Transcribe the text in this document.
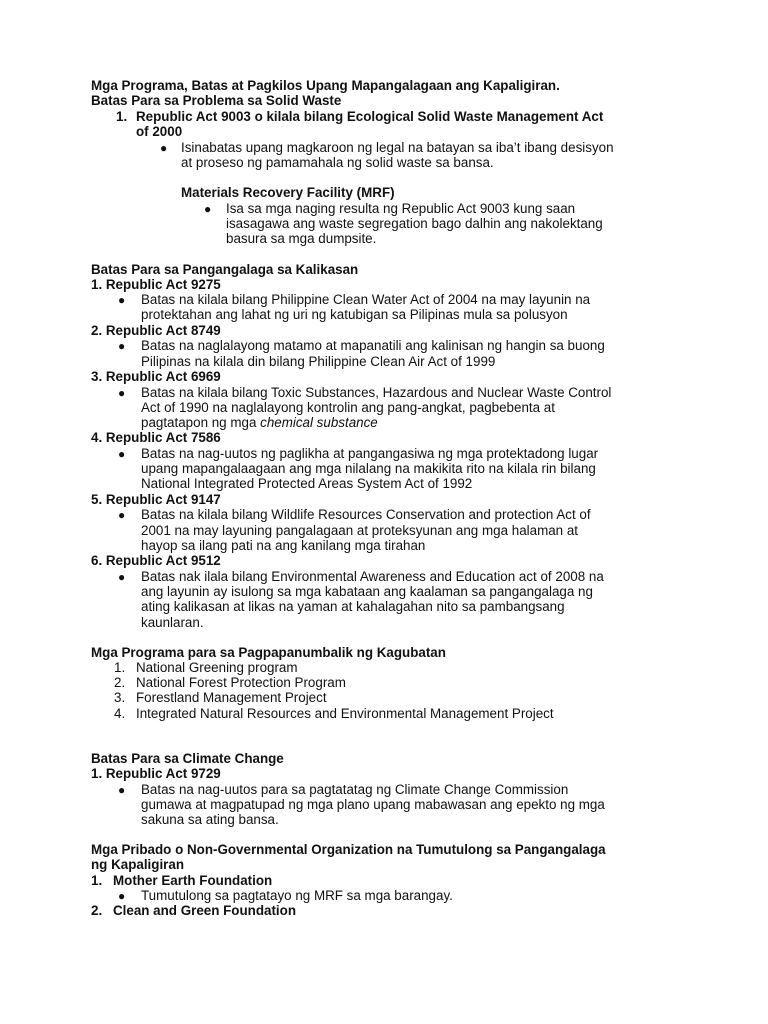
Mga Programa, Batas at Pagkilos Upang Mapangalagaan ang Kapaligiran.
Batas Para sa Problema sa Solid Waste
1. Republic Act 9003 o kilala bilang Ecological Solid Waste Management Act
of 2000
● Isinabatas upang magkaroon ng legal na batayan sa iba’t ibang desisyon
at proseso ng pamamahala ng solid waste sa bansa.
Materials Recovery Facility (MRF)
● Isa sa mga naging resulta ng Republic Act 9003 kung saan
isasagawa ang waste segregation bago dalhin ang nakolektang
basura sa mga dumpsite.
Batas Para sa Pangangalaga sa Kalikasan
1. Republic Act 9275
● Batas na kilala bilang Philippine Clean Water Act of 2004 na may layunin na
protektahan ang lahat ng uri ng katubigan sa Pilipinas mula sa polusyon
2. Republic Act 8749
● Batas na naglalayong matamo at mapanatili ang kalinisan ng hangin sa buong
Pilipinas na kilala din bilang Philippine Clean Air Act of 1999
3. Republic Act 6969
● Batas na kilala bilang Toxic Substances, Hazardous and Nuclear Waste Control
Act of 1990 na naglalayong kontrolin ang pang-angkat, pagbebenta at
pagtatapon ng mga chemical substance
4. Republic Act 7586
● Batas na nag-uutos ng paglikha at pangangasiwa ng mga protektadong lugar
upang mapangalaagaan ang mga nilalang na makikita rito na kilala rin bilang
National Integrated Protected Areas System Act of 1992
5. Republic Act 9147
● Batas na kilala bilang Wildlife Resources Conservation and protection Act of
2001 na may layuning pangalagaan at proteksyunan ang mga halaman at
hayop sa ilang pati na ang kanilang mga tirahan
6. Republic Act 9512
● Batas nak ilala bilang Environmental Awareness and Education act of 2008 na
ang layunin ay isulong sa mga kabataan ang kaalaman sa pangangalaga ng
ating kalikasan at likas na yaman at kahalagahan nito sa pambangsang
kaunlaran.
Mga Programa para sa Pagpapanumbalik ng Kagubatan
1. National Greening program
2. National Forest Protection Program
3. Forestland Management Project
4. Integrated Natural Resources and Environmental Management Project
Batas Para sa Climate Change
1. Republic Act 9729
● Batas na nag-uutos para sa pagtatatag ng Climate Change Commission
gumawa at magpatupad ng mga plano upang mabawasan ang epekto ng mga
sakuna sa ating bansa.
Mga Pribado o Non-Governmental Organization na Tumutulong sa Pangangalaga
ng Kapaligiran
1. Mother Earth Foundation
● Tumutulong sa pagtatayo ng MRF sa mga barangay.
2. Clean and Green Foundation
